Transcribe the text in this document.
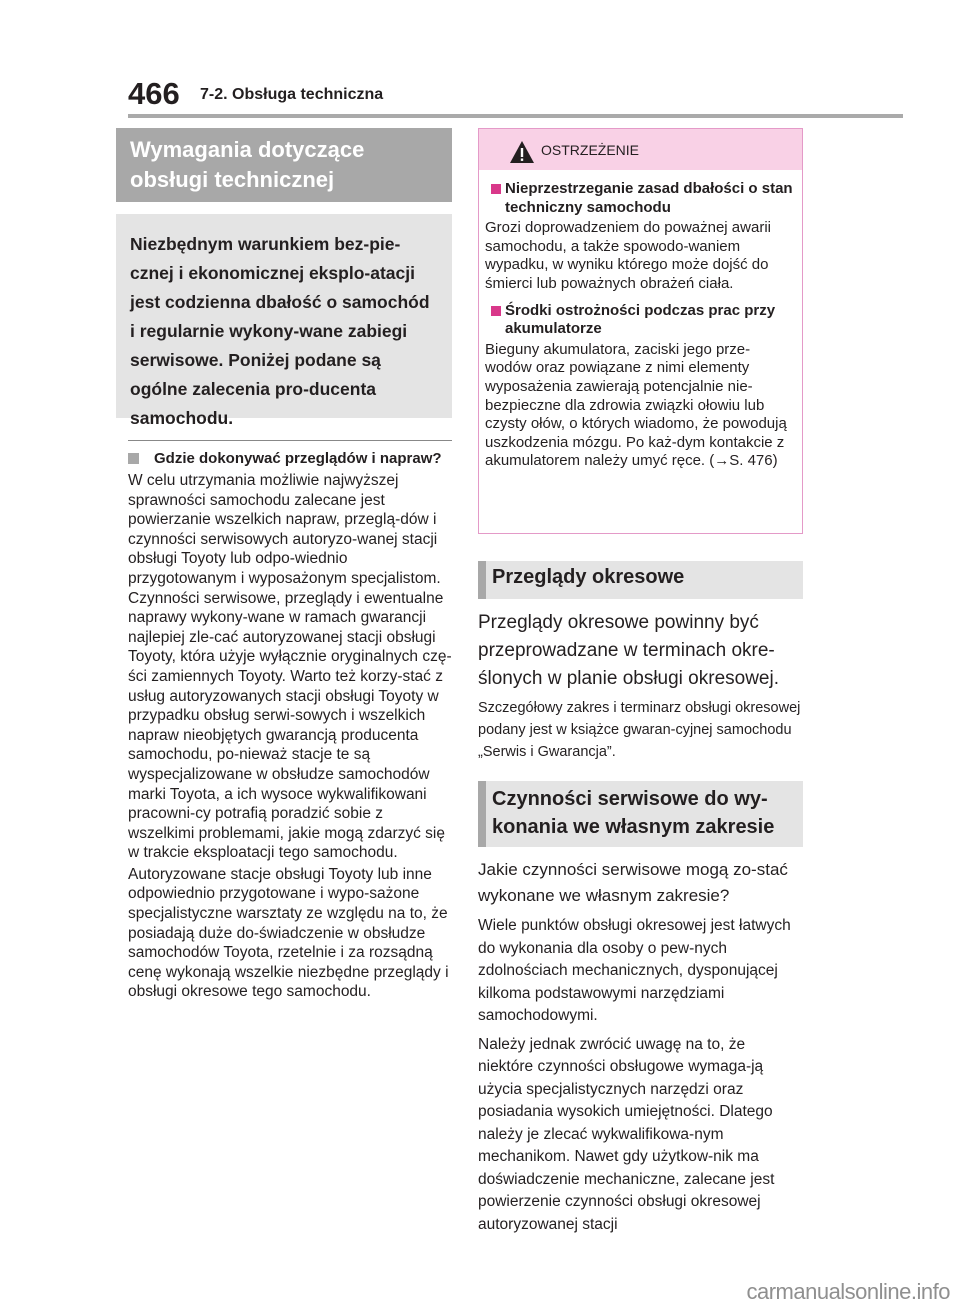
466 7-2. Obsługa techniczna
Wymagania dotyczące obsługi technicznej
Niezbędnym warunkiem bez-piecznej i ekonomicznej eksplo-atacji jest codzienna dbałość o samochód i regularnie wykony-wane zabiegi serwisowe. Poniżej podane są ogólne zalecenia pro-ducenta samochodu.
Gdzie dokonywać przeglądów i napraw?

W celu utrzymania możliwie najwyższej sprawności samochodu zalecane jest powierzanie wszelkich napraw, przeglą-dów i czynności serwisowych autoryzo-wanej stacji obsługi Toyoty lub odpo-wiednio przygotowanym i wyposażonym specjalistom. Czynności serwisowe, przeglądy i ewentualne naprawy wykony-wane w ramach gwarancji najlepiej zle-cać autoryzowanej stacji obsługi Toyoty, która użyje wyłącznie oryginalnych czę-ści zamiennych Toyoty. Warto też korzy-stać z usług autoryzowanych stacji obsługi Toyoty w przypadku obsług serwi-sowych i wszelkich napraw nieobjętych gwarancją producenta samochodu, po-nieważ stacje te są wyspecjalizowane w obsłudze samochodów marki Toyota, a ich wysoce wykwalifikowani pracowni-cy potrafią poradzić sobie z wszelkimi problemami, jakie mogą zdarzyć się w trakcie eksploatacji tego samochodu.

Autoryzowane stacje obsługi Toyoty lub inne odpowiednio przygotowane i wypo-sażone specjalistyczne warsztaty ze względu na to, że posiadają duże do-świadczenie w obsłudze samochodów Toyota, rzetelnie i za rozsądną cenę wykonają wszelkie niezbędne przeglądy i obsługi okresowe tego samochodu.

OSTRZEŻENIE
Nieprzestrzeganie zasad dbałości o stan techniczny samochodu

Grozi doprowadzeniem do poważnej awarii samochodu, a także spowodo-waniem wypadku, w wyniku którego może dojść do śmierci lub poważnych obrażeń ciała.

Środki ostrożności podczas prac przy akumulatorze

Bieguny akumulatora, zaciski jego prze-wodów oraz powiązane z nimi elementy wyposażenia zawierają potencjalnie nie-bezpieczne dla zdrowia związki ołowiu lub czysty ołów, o których wiadomo, że powodują uszkodzenia mózgu. Po każ-dym kontakcie z akumulatorem należy umyć ręce. (→S. 476)

Przeglądy okresowe
Przeglądy okresowe powinny być przeprowadzane w terminach okre-ślonych w planie obsługi okresowej.
Szczegółowy zakres i terminarz obsługi okresowej podany jest w książce gwaran-cyjnej samochodu „Serwis i Gwarancja”.
Czynności serwisowe do wy-konania we własnym zakresie
Jakie czynności serwisowe mogą zo-stać wykonane we własnym zakresie?

Wiele punktów obsługi okresowej jest łatwych do wykonania dla osoby o pew-nych zdolnościach mechanicznych, dysponującej kilkoma podstawowymi narzędziami samochodowymi.

Należy jednak zwrócić uwagę na to, że niektóre czynności obsługowe wymaga-ją użycia specjalistycznych narzędzi oraz posiadania wysokich umiejętności. Dlatego należy je zlecać wykwalifikowa-nym mechanikom. Nawet gdy użytkow-nik ma doświadczenie mechaniczne, zalecane jest powierzenie czynności obsługi okresowej autoryzowanej stacji

carmanualsonline.info
